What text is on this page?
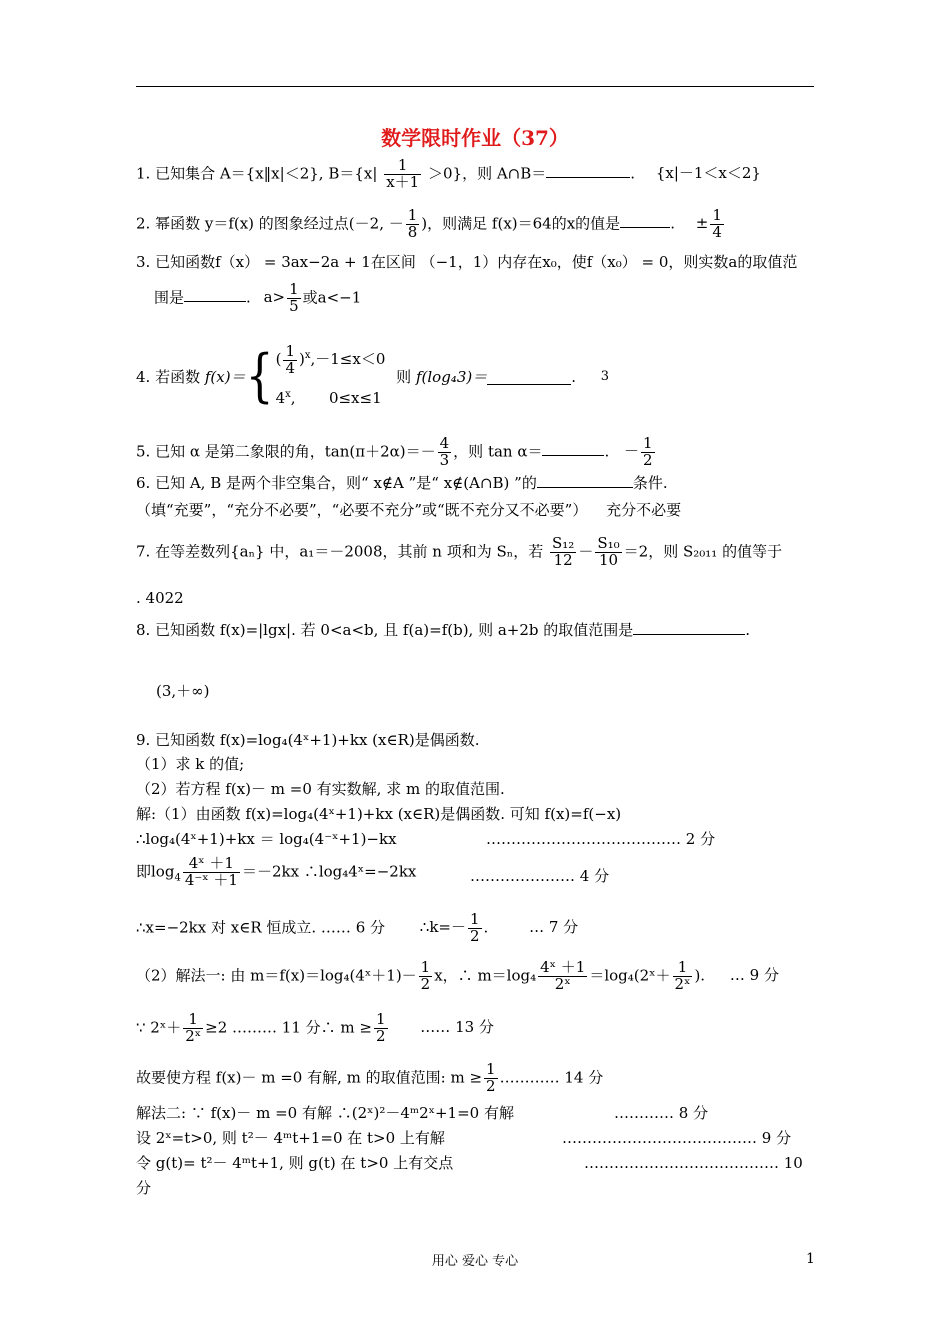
数学限时作业（37）
1. 已知集合 A＝{x‖x|＜2}, $B=\{x| \frac{1}{x+1} >0\}$，则 A∩B＝	. {x|－1＜x＜2}
2. 幂函数 y＝f(x) 的图象经过点(－2, － $\frac{1}{8}$ )，则满足 f(x)＝64的x的值是	. ± $\frac{1}{4}$
3. 已知函数f（x） = 3ax−2a + 1在区间 （−1，1）内存在x₀，使f（x₀） = 0，则实数a的取值范
围是	. $a> \frac{1}{5}$ 或a<−1
4. 若函数 f(x)＝{ ( $\frac{1}{4} )^x,-1\le x<0$
4$^x$,       0≤x≤1
则 f(log₄3)＝	. 3
5. 已知 α 是第二象限的角，$\tan(\pi+2\alpha)=- \frac{4}{3}$ ，则 tan α＝	. － $\frac{1}{2}$
6. 已知 A, B 是两个非空集合，则“ x∉A ”是“ x∉(A∩B) ”的	条件.
（填“充要”，“充分不必要”，“必要不充分”或“既不充分又不必要”） 充分不必要
7. 在等差数列{aₙ} 中，a₁＝－2008，其前 n 项和为 Sₙ，若 $\frac{\text{S₁₂}}{12} - \frac{\text{S₁₀}}{10} =2$，则 S₂₀₁₁ 的值等于
. 4022
8. 已知函数 f(x)=|lgx|. 若 0<a<b, 且 f(a)=f(b), 则 a+2b 的取值范围是	.
(3,＋∞)
9. 已知函数 f(x)=log₄(4ˣ+1)+kx (x∈R)是偶函数.
（1）求 k 的值;
（2）若方程 f(x)－ m =0 有实数解, 求 m 的取值范围.
解:（1）由函数 f(x)=log₄(4ˣ+1)+kx (x∈R)是偶函数. 可知 f(x)=f(−x)
∴log₄(4ˣ+1)+kx ＝ log₄(4⁻ˣ+1)−kx	………………………………… 2 分
即$\log_4 \frac{\text{4ˣ ＋1}}{\text{4⁻ˣ ＋1}} =-2kx$ ∴log₄4ˣ=−2kx	………………… 4 分
∴x=−2kx 对 x∈R 恒成立. …… 6 分 ∴k=－ $\frac{1}{2}$ . … 7 分
（2）解法一: 由 m＝f(x)＝log₄(4ˣ＋1)－ $\frac{1}{2}$ x，∴ $m=\log_4 \frac{\text{4ˣ ＋1}}{\text{2ˣ}}$ ＝log₄(2ˣ＋ $\frac{1}{\text{2ˣ}}$ ). … 9 分
∵ 2ˣ＋ $\frac{1}{\text{2ˣ}} \ge 2$ ……… 11 分∴ $m \ge \frac{1}{2}$ …… 13 分
故要使方程 f(x)－ m =0 有解, m 的取值范围: $m \ge \frac{1}{2}$ ………… 14 分
解法二: ∵ f(x)－ m =0 有解 ∴(2ˣ)²－4ᵐ2ˣ+1=0 有解	………… 8 分
设 2ˣ=t>0, 则 t²－ 4ᵐt+1=0 在 t>0 上有解	………………………………… 9 分
令 g(t)= t²－ 4ᵐt+1, 则 g(t) 在 t>0 上有交点	………………………………… 10
分
用心 爱心 专心	1
